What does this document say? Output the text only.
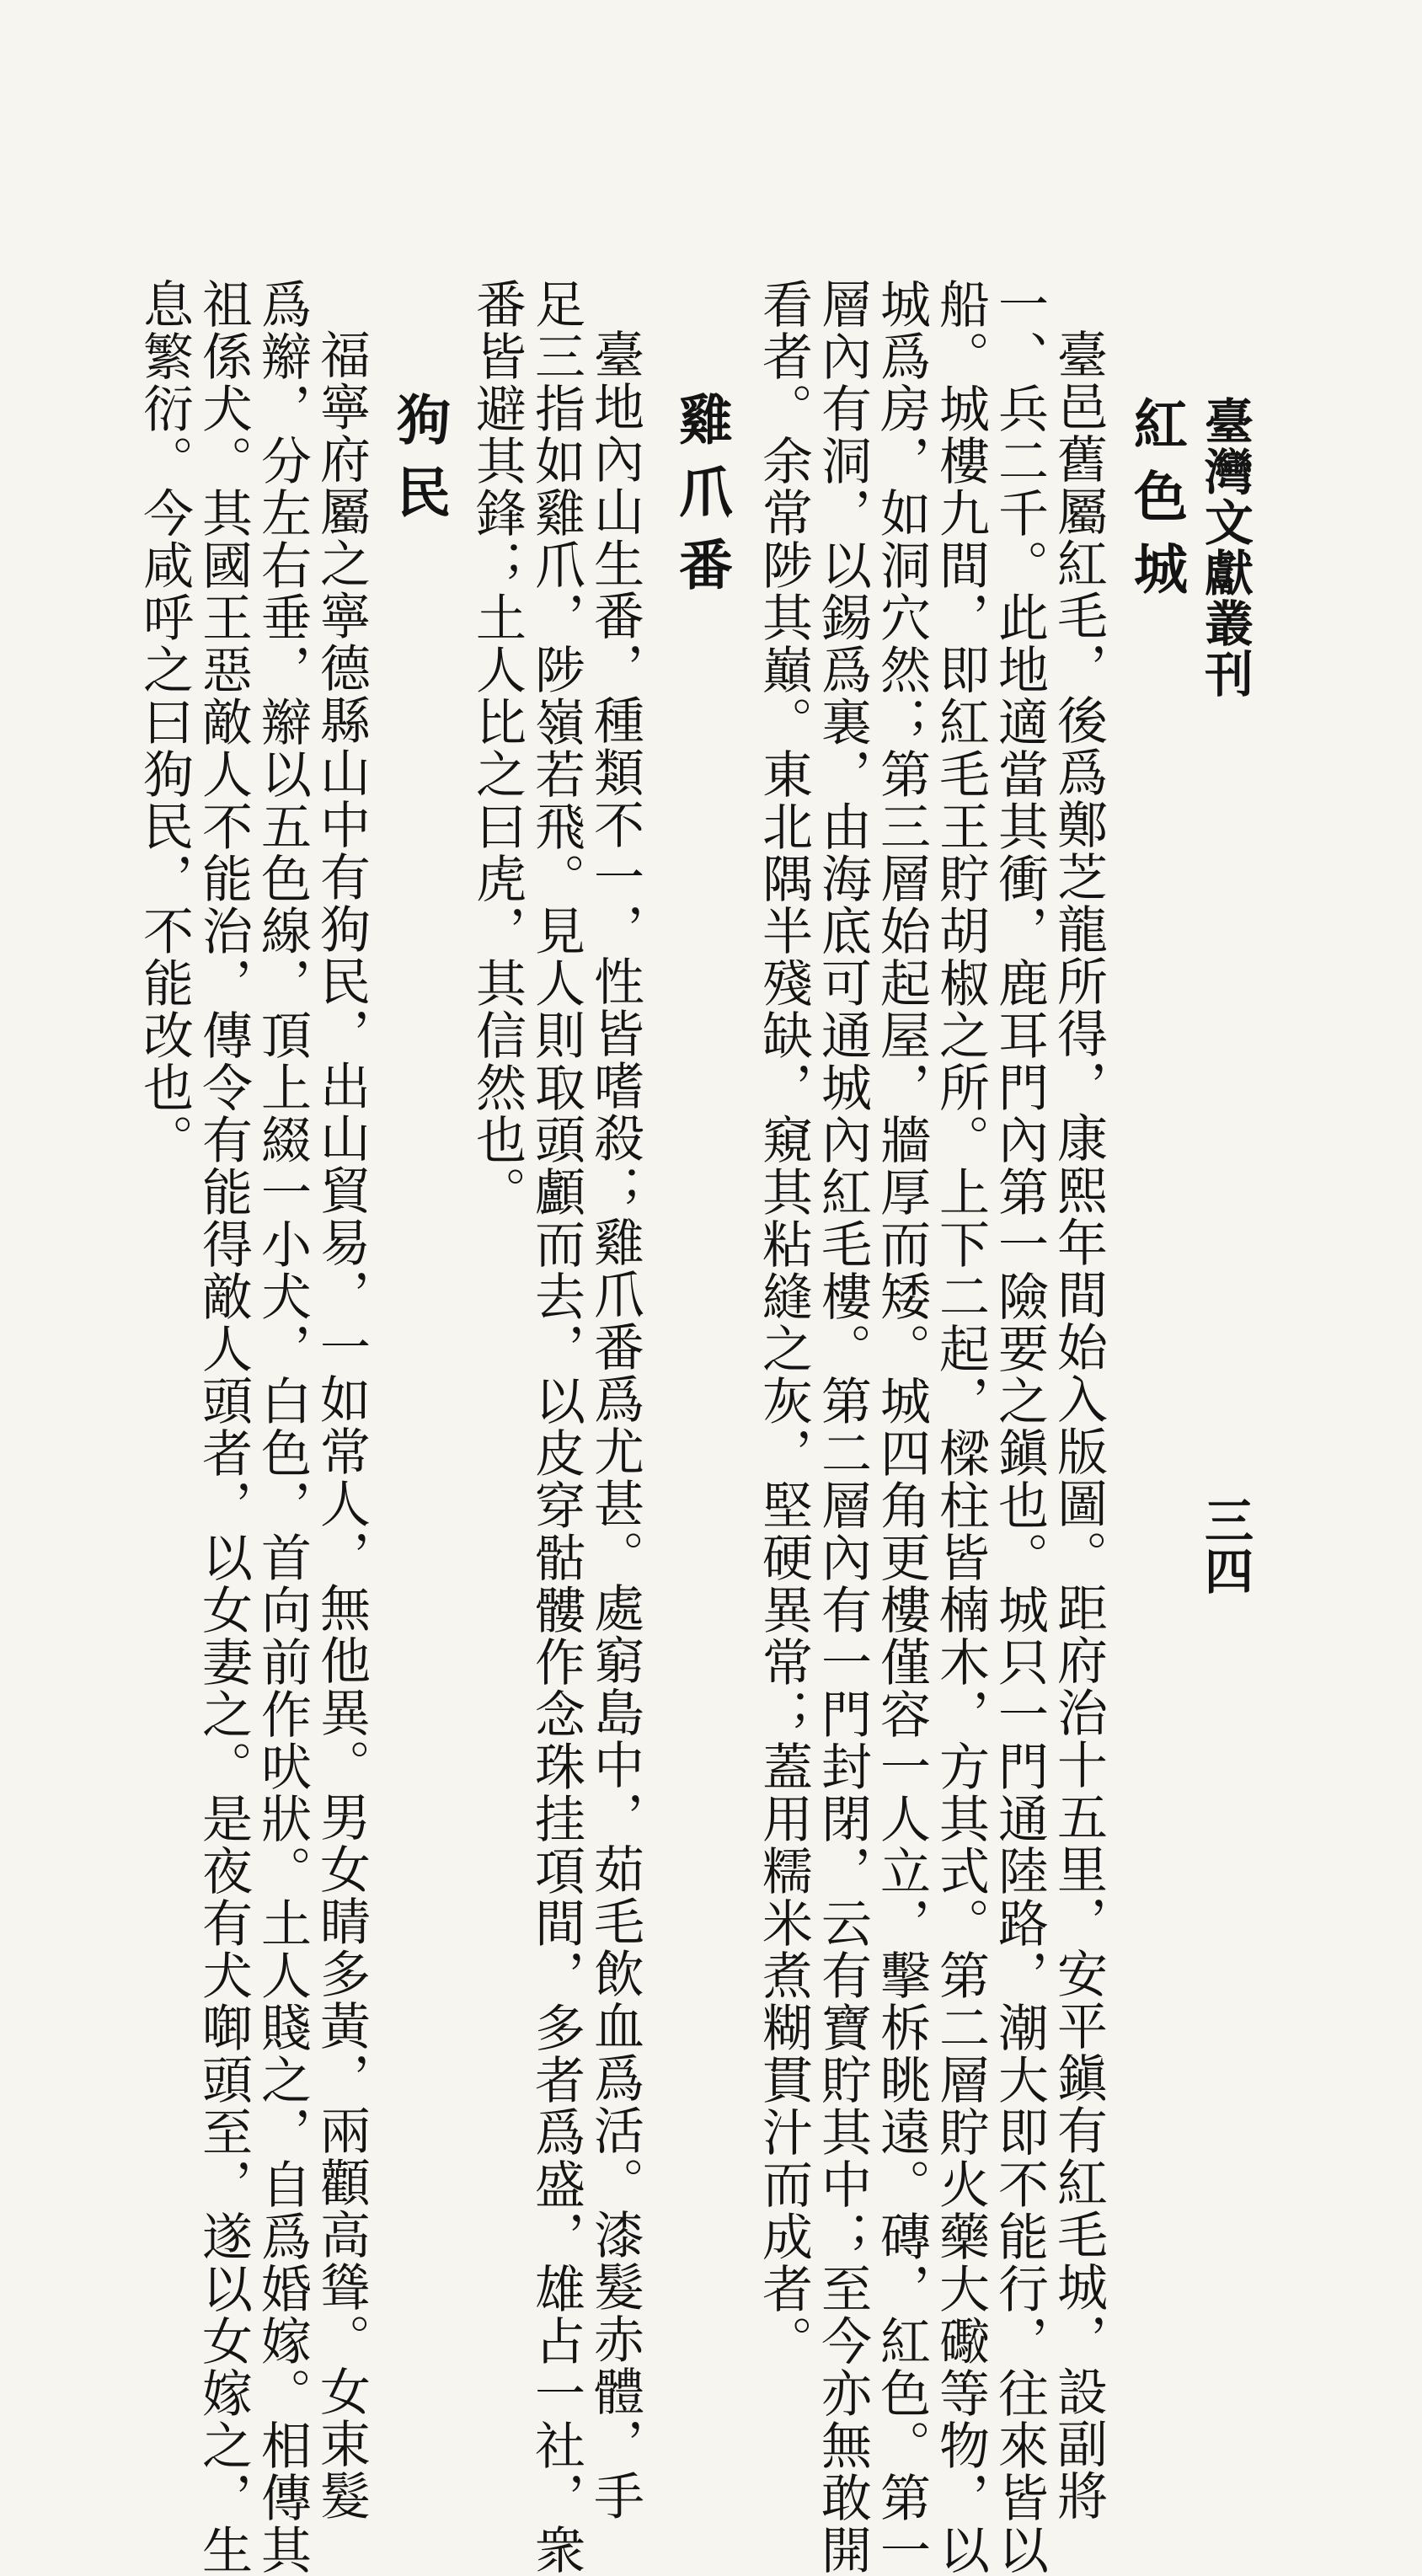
臺灣文獻叢刊
三四
紅色城
臺邑舊屬紅毛，後爲鄭芝龍所得，康熙年間始入版圖。距府治十五里，安平鎭有紅毛城，設副將
一、兵二千。此地適當其衝，鹿耳門內第一險要之鎭也。城只一門通陸路，潮大即不能行，往來皆以
船。城樓九間，即紅毛王貯胡椒之所。上下二起，樑柱皆楠木，方其式。第二層貯火藥大礮等物，以
城爲房，如洞穴然；第三層始起屋，牆厚而矮。城四角更樓僅容一人立，擊柝眺遠。磚，紅色。第一
層內有洞，以錫爲裏，由海底可通城內紅毛樓。第二層內有一門封閉，云有寶貯其中；至今亦無敢開
看者。余常陟其巔。東北隅半殘缺，窺其粘縫之灰，堅硬異常；蓋用糯米煮糊貫汁而成者。
雞爪番
臺地內山生番，種類不一，性皆嗜殺；雞爪番爲尤甚。處窮島中，茹毛飲血爲活。漆髮赤體，手
足三指如雞爪，陟嶺若飛。見人則取頭顱而去，以皮穿骷髏作念珠挂項間，多者爲盛，雄占一社，衆
番皆避其鋒；土人比之曰虎，其信然也。
狗民
福寧府屬之寧德縣山中有狗民，出山貿易，一如常人，無他異。男女睛多黃，兩顴高聳。女束髮
爲辮，分左右垂，辮以五色線，頂上綴一小犬，白色，首向前作吠狀。土人賤之，自爲婚嫁。相傳其
祖係犬。其國王惡敵人不能治，傳令有能得敵人頭者，以女妻之。是夜有犬啣頭至，遂以女嫁之，生
息繁衍。今咸呼之曰狗民，不能改也。
